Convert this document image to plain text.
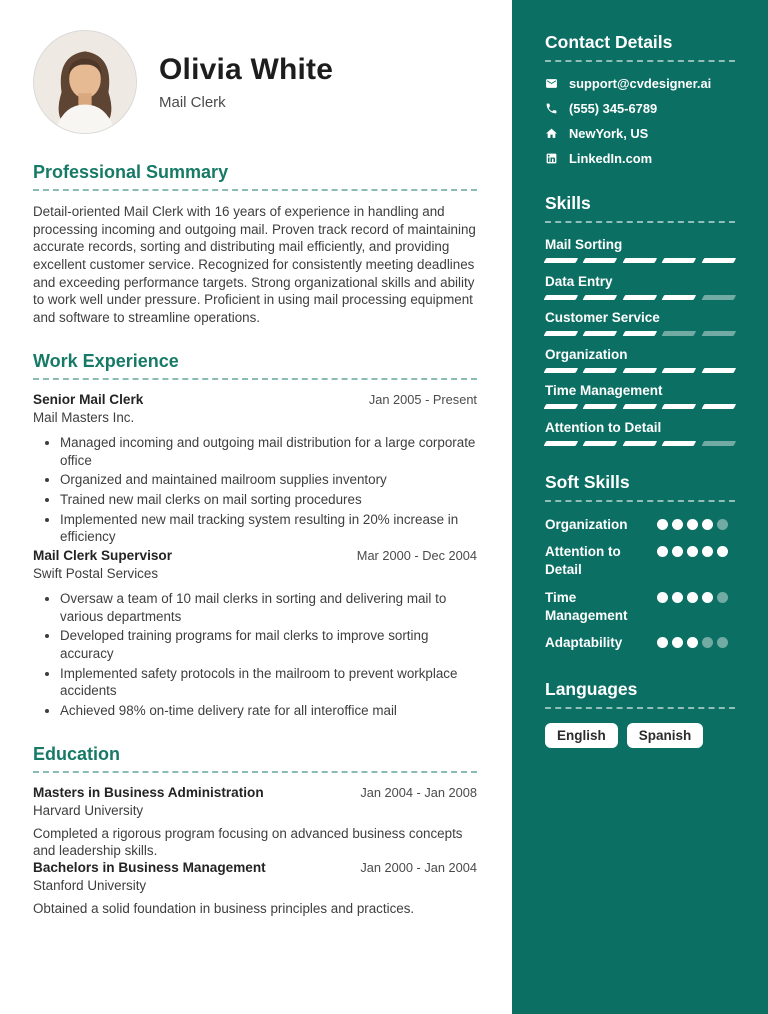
Olivia White
Mail Clerk
Professional Summary

Detail-oriented Mail Clerk with 16 years of experience in handling and processing incoming and outgoing mail. Proven track record of maintaining accurate records, sorting and distributing mail efficiently, and providing excellent customer service. Recognized for consistently meeting deadlines and exceeding performance targets. Strong organizational skills and ability to work well under pressure. Proficient in using mail processing equipment and software to streamline operations.

Work Experience
Senior Mail Clerk	Jan 2005 - Present
Mail Masters Inc.
• Managed incoming and outgoing mail distribution for a large corporate office
• Organized and maintained mailroom supplies inventory
• Trained new mail clerks on mail sorting procedures
• Implemented new mail tracking system resulting in 20% increase in efficiency
Mail Clerk Supervisor	Mar 2000 - Dec 2004
Swift Postal Services
• Oversaw a team of 10 mail clerks in sorting and delivering mail to various departments
• Developed training programs for mail clerks to improve sorting accuracy
• Implemented safety protocols in the mailroom to prevent workplace accidents
• Achieved 98% on-time delivery rate for all interoffice mail
Education
Masters in Business Administration	Jan 2004 - Jan 2008
Harvard University

Completed a rigorous program focusing on advanced business concepts and leadership skills.

Bachelors in Business Management	Jan 2000 - Jan 2004
Stanford University

Obtained a solid foundation in business principles and practices.

Contact Details
support@cvdesigner.ai
(555) 345-6789
NewYork, US
LinkedIn.com
Skills
Mail Sorting
Data Entry
Customer Service
Organization
Time Management
Attention to Detail
Soft Skills
Organization
Attention to Detail
Time Management
Adaptability
Languages
English	Spanish
